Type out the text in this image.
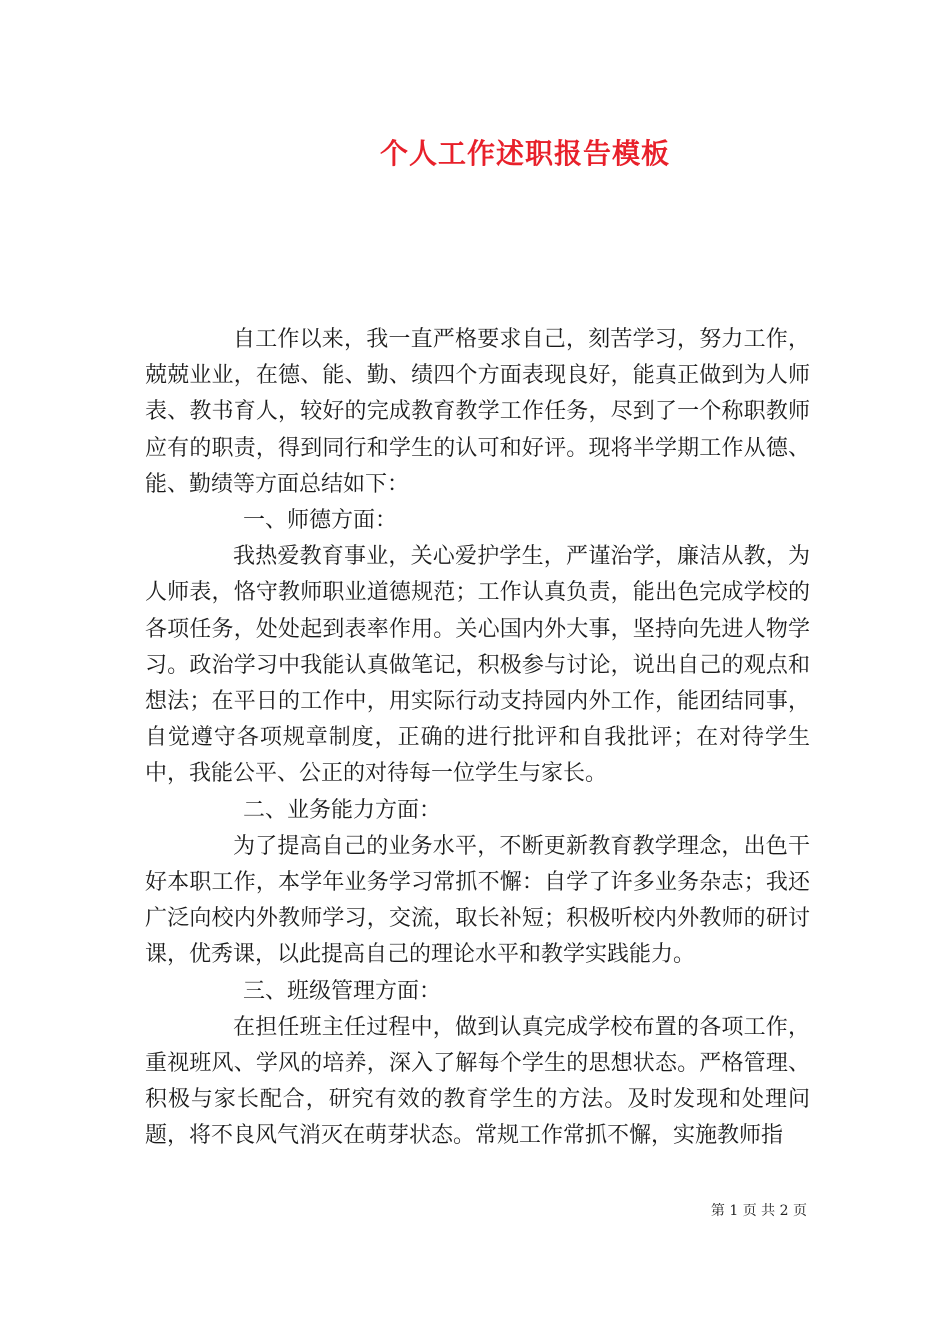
个人工作述职报告模板

自工作以来，我一直严格要求自己，刻苦学习，努力工作，兢兢业业，在德、能、勤、绩四个方面表现良好，能真正做到为人师表、教书育人，较好的完成教育教学工作任务，尽到了一个称职教师应有的职责，得到同行和学生的认可和好评。现将半学期工作从德、能、勤绩等方面总结如下：

一、师德方面：

我热爱教育事业，关心爱护学生，严谨治学，廉洁从教，为人师表，恪守教师职业道德规范；工作认真负责，能出色完成学校的各项任务，处处起到表率作用。关心国内外大事，坚持向先进人物学习。政治学习中我能认真做笔记，积极参与讨论，说出自己的观点和想法；在平日的工作中，用实际行动支持园内外工作，能团结同事，自觉遵守各项规章制度，正确的进行批评和自我批评；在对待学生中，我能公平、公正的对待每一位学生与家长。

二、业务能力方面：

为了提高自己的业务水平，不断更新教育教学理念，出色干好本职工作，本学年业务学习常抓不懈：自学了许多业务杂志；我还广泛向校内外教师学习，交流，取长补短；积极听校内外教师的研讨课，优秀课，以此提高自己的理论水平和教学实践能力。

三、班级管理方面：

在担任班主任过程中，做到认真完成学校布置的各项工作，重视班风、学风的培养，深入了解每个学生的思想状态。严格管理、积极与家长配合，研究有效的教育学生的方法。及时发现和处理问题，将不良风气消灭在萌芽状态。常规工作常抓不懈，实施教师指

第 1 页 共 2 页
